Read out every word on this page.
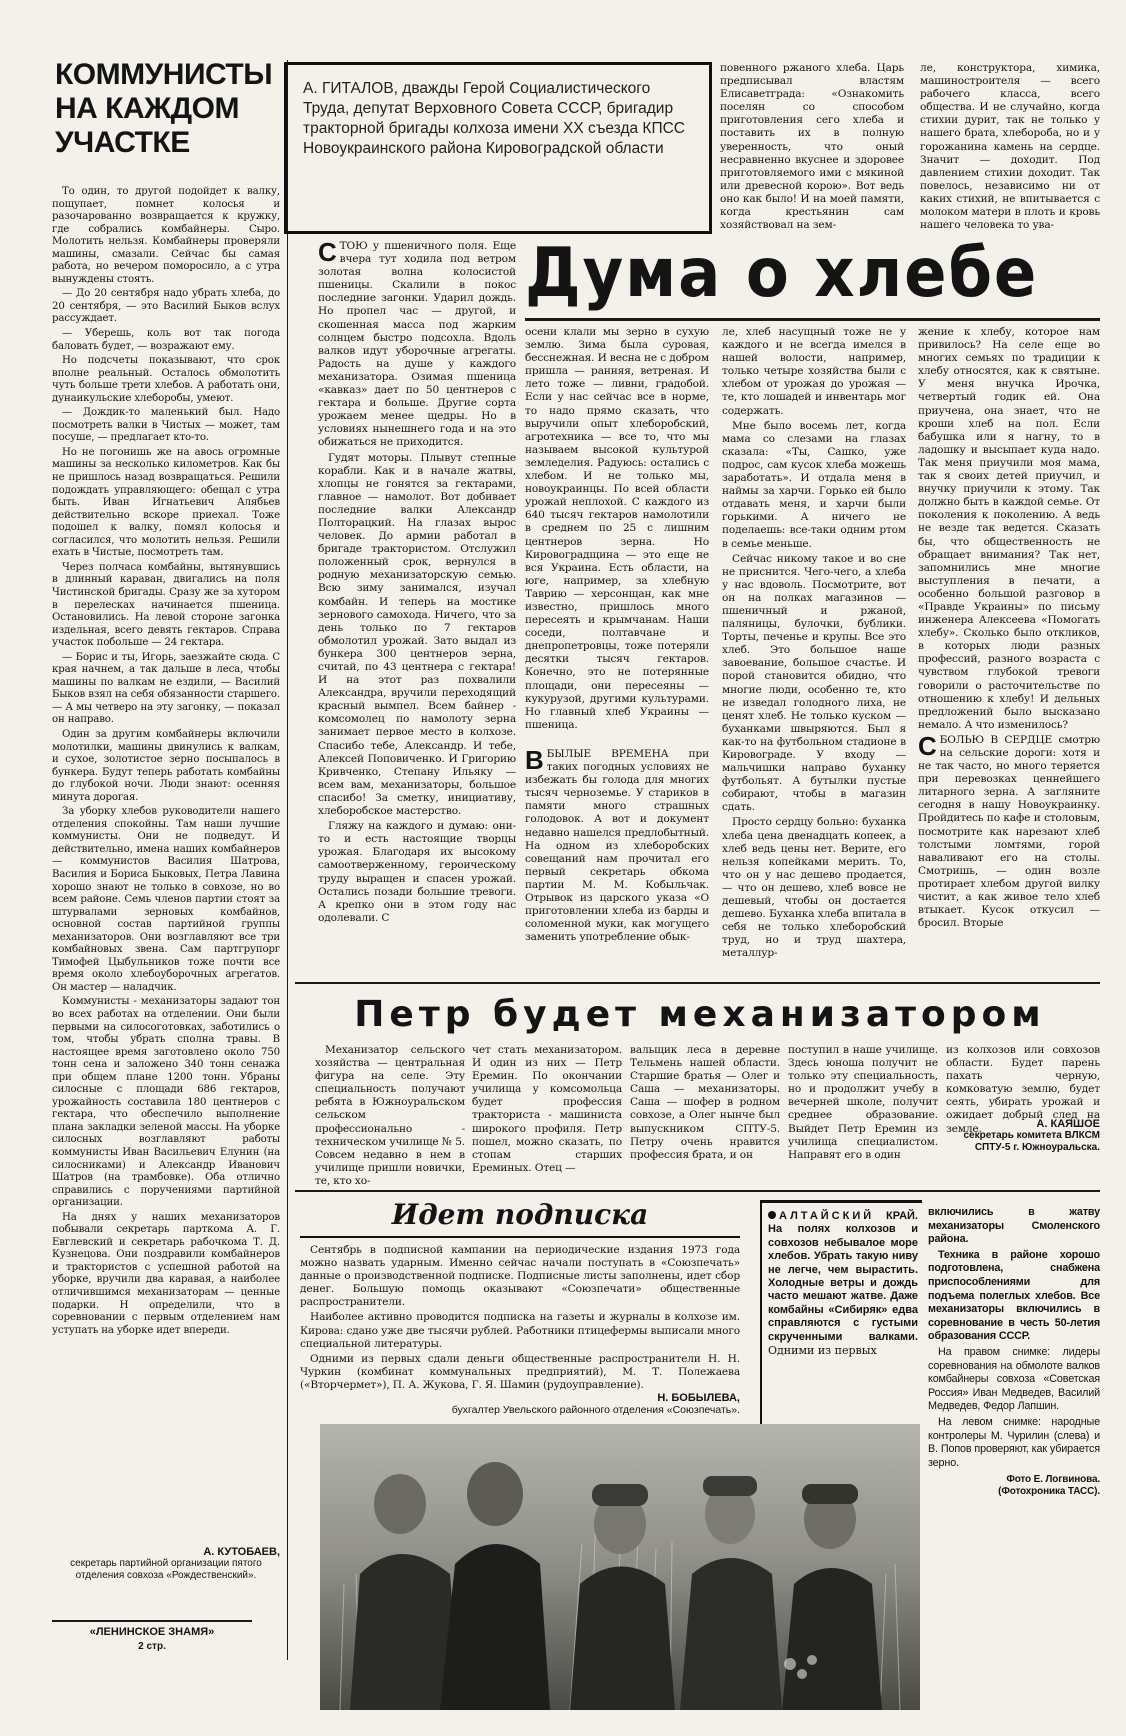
КОММУНИСТЫ
НА КАЖДОМ
УЧАСТКЕ

То один, то другой подойдет к валку, пощупает, помнет колосья и разочарованно возвращается к кружку, где собрались комбайнеры. Сыро. Молотить нельзя. Комбайнеры проверяли машины, смазали. Сейчас бы самая работа, но вечером поморосило, а с утра вынуждены стоять.

— До 20 сентября надо убрать хлеба, до 20 сентября, — это Василий Быков вслух рассуждает.

— Уберешь, коль вот так погода баловать будет, — возражают ему.

Но подсчеты показывают, что срок вполне реальный. Осталось обмолотить чуть больше трети хлебов. А работать они, дунаикульские хлеборобы, умеют.

— Дождик-то маленький был. Надо посмотреть валки в Чистых — может, там посуше, — предлагает кто-то.

Но не погонишь же на авось огромные машины за несколько километров. Как бы не пришлось назад возвращаться. Решили подождать управляющего: обещал с утра быть. Иван Игнатьевич Алябьев действительно вскоре приехал. Тоже подошел к валку, помял колосья и согласился, что молотить нельзя. Решили ехать в Чистые, посмотреть там.

Через полчаса комбайны, вытянувшись в длинный караван, двигались на поля Чистинской бригады. Сразу же за хутором в перелесках начинается пшеница. Остановились. На левой стороне загонка издельная, всего девять гектаров. Справа участок побольше — 24 гектара.

— Борис и ты, Игорь, заезжайте сюда. С края начнем, а так дальше в леса, чтобы машины по валкам не ездили, — Василий Быков взял на себя обязанности старшего. — А мы четверо на эту загонку, — показал он направо.

Один за другим комбайнеры включили молотилки, машины двинулись к валкам, и сухое, золотистое зерно посыпалось в бункера. Будут теперь работать комбайны до глубокой ночи. Люди знают: осенняя минута дорогая.

За уборку хлебов руководители нашего отделения спокойны. Там наши лучшие коммунисты. Они не подведут. И действительно, имена наших комбайнеров — коммунистов Василия Шатрова, Василия и Бориса Быковых, Петра Лавина хорошо знают не только в совхозе, но во всем районе. Семь членов партии стоят за штурвалами зерновых комбайнов, основной состав партийной группы механизаторов. Они возглавляют все три комбайновых звена. Сам партгрупорг Тимофей Цыбульников тоже почти все время около хлебоуборочных агрегатов. Он мастер — наладчик.

Коммунисты - механизаторы задают тон во всех работах на отделении. Они были первыми на силосоготовках, заботились о том, чтобы убрать сполна травы. В настоящее время заготовлено около 750 тонн сена и заложено 340 тонн сенажа при общем плане 1200 тонн. Убраны силосные с площади 686 гектаров, урожайность составила 180 центнеров с гектара, что обеспечило выполнение плана закладки зеленой массы. На уборке силосных возглавляют работы коммунисты Иван Васильевич Елунин (на силосниками) и Александр Иванович Шатров (на трамбовке). Оба отлично справились с поручениями партийной организации.

На днях у наших механизаторов побывали секретарь парткома А. Г. Евглевский и секретарь рабочкома Т. Д. Кузнецова. Они поздравили комбайнеров и трактористов с успешной работой на уборке, вручили два каравая, а наиболее отличившимся механизаторам — ценные подарки. Н определили, что в соревновании с первым отделением нам уступать на уборке идет впереди.

А. КУТОБАЕВ,
секретарь партийной организации пятого отделения совхоза «Рождественский».
«ЛЕНИНСКОЕ ЗНАМЯ»
2 стр.
А. ГИТАЛОВ, дважды Герой Социалистического Труда, депутат Верховного Совета СССР, бригадир тракторной бригады колхоза имени XX съезда КПСС Новоукраинского района Кировоградской области

повенного ржаного хлеба. Царь предписывал властям Елисаветграда: «Ознакомить поселян со способом приготовления сего хлеба и поставить их в полную уверенность, что оный несравненно вкуснее и здоровее приготовляемого ими с мякиной или древесной корою». Вот ведь оно как было! И на моей памяти, когда крестьянин сам хозяйствовал на зем-

ле, конструктора, химика, машиностроителя — всего рабочего класса, всего общества. И не случайно, когда стихии дурит, так не только у нашего брата, хлебороба, но и у горожанина камень на сердце. Значит — доходит. Под давлением стихии доходит. Так повелось, независимо ни от каких стихий, не впитывается с молоком матери в плоть и кровь нашего человека то ува-

СТОЮ у пшеничного поля. Еще вчера тут ходила под ветром золотая волна колосистой пшеницы. Скалили в покос последние загонки. Ударил дождь. Но пропел час — другой, и скошенная масса под жарким солнцем быстро подсохла. Вдоль валков идут уборочные агрегаты. Радость на душе у каждого механизатора. Озимая пшеница «кавказ» дает по 50 центнеров с гектара и больше. Другие сорта урожаем менее щедры. Но в условиях нынешнего года и на это обижаться не приходится.

Гудят моторы. Плывут степные корабли. Как и в начале жатвы, хлопцы не гонятся за гектарами, главное — намолот. Вот добивает последние валки Александр Полторацкий. На глазах вырос человек. До армии работал в бригаде трактористом. Отслужил положенный срок, вернулся в родную механизаторскую семью. Всю зиму занимался, изучал комбайн. И теперь на мостике зернового самохода. Ничего, что за день только по 7 гектаров обмолотил урожай. Зато выдал из бункера 300 центнеров зерна, считай, по 43 центнера с гектара! И на этот раз похвалили Александра, вручили переходящий красный вымпел. Всем байнер - комсомолец по намолоту зерна занимает первое место в колхозе. Спасибо тебе, Александр. И тебе, Алексей Поповиченко. И Григорию Кривченко, Степану Ильяку — всем вам, механизаторы, большое спасибо! За сметку, инициативу, хлеборобское мастерство.

Гляжу на каждого и думаю: они-то и есть настоящие творцы урожая. Благодаря их высокому самоотверженному, героическому труду выращен и спасен урожай. Остались позади большие тревоги. А крепко они в этом году нас одолевали. С

Дума о хлебе

осени клали мы зерно в сухую землю. Зима была суровая, бесснежная. И весна не с добром пришла — ранняя, ветреная. И лето тоже — ливни, градобой. Если у нас сейчас все в норме, то надо прямо сказать, что выручили опыт хлеборобский, агротехника — все то, что мы называем высокой культурой земледелия. Радуюсь: остались с хлебом. И не только мы, новоукраинцы. По всей области урожай неплохой. С каждого из 640 тысяч гектаров намолотили в среднем по 25 с лишним центнеров зерна. Но Кировоградщина — это еще не вся Украина. Есть области, на юге, например, за хлебную Таврию — херсонщан, как мне известно, пришлось много пересеять и крымчанам. Наши соседи, полтавчане и днепропетровцы, тоже потеряли десятки тысяч гектаров. Конечно, это не потерянные площади, они пересеяны — кукурузой, другими культурами. Но главный хлеб Украины — пшеница.

ВБЫЛЫЕ ВРЕМЕНА при таких погодных условиях не избежать бы голода для многих тысяч черноземье. У стариков в памяти много страшных голодовок. А вот и документ недавно нашелся предлобытный. На одном из хлеборобских совещаний нам прочитал его первый секретарь обкома партии М. М. Кобыльчак. Отрывок из царского указа «О приготовлении хлеба из барды и соломенной муки, как могущего заменить употребление обык-

ле, хлеб насущный тоже не у каждого и не всегда имелся в нашей волости, например, только четыре хозяйства были с хлебом от урожая до урожая — те, кто лошадей и инвентарь мог содержать.

Мне было восемь лет, когда мама со слезами на глазах сказала: «Ты, Сашко, уже подрос, сам кусок хлеба можешь заработать». И отдала меня в наймы за харчи. Горько ей было отдавать меня, и харчи были горькими. А ничего не поделаешь: все-таки одним ртом в семье меньше.

Сейчас никому такое и во сне не приснится. Чего-чего, а хлеба у нас вдоволь. Посмотрите, вот он на полках магазинов — пшеничный и ржаной, паляницы, булочки, бублики. Торты, печенье и крупы. Все это хлеб. Это большое наше завоевание, большое счастье. И порой становится обидно, что многие люди, особенно те, кто не изведал голодного лиха, не ценят хлеб. Не только куском — буханками швыряются. Был я как-то на футбольном стадионе в Кировограде. У входу — мальчишки направо буханку футбольят. А бутылки пустые собирают, чтобы в магазин сдать.

Просто сердцу больно: буханка хлеба цена двенадцать копеек, а хлеб ведь цены нет. Верите, его нельзя копейками мерить. То, что он у нас дешево продается, — что он дешево, хлеб вовсе не дешевый, чтобы он достается дешево. Буханка хлеба впитала в себя не только хлеборобский труд, но и труд шахтера, металлур-

жение к хлебу, которое нам привилось? На селе еще во многих семьях по традиции к хлебу относятся, как к святыне. У меня внучка Ирочка, четвертый годик ей. Она приучена, она знает, что не кроши хлеб на пол. Если бабушка или я нагну, то в ладошку и высыпает куда надо. Так меня приучили моя мама, так я своих детей приучил, и внучку приучили к этому. Так должно быть в каждой семье. От поколения к поколению. А ведь не везде так ведется. Сказать бы, что общественность не обращает внимания? Так нет, запомнились мне многие выступления в печати, а особенно большой разговор в «Правде Украины» по письму инженера Алексеева «Помогать хлебу». Сколько было откликов, в которых люди разных профессий, разного возраста с чувством глубокой тревоги говорили о расточительстве по отношению к хлебу! И дельных предложений было высказано немало. А что изменилось?

СБОЛЬЮ В СЕРДЦЕ смотрю на сельские дороги: хотя и не так часто, но много теряется при перевозках ценнейшего литарного зерна. А загляните сегодня в нашу Новоукраинку. Пройдитесь по кафе и столовым, посмотрите как нарезают хлеб толстыми ломтями, горой наваливают его на столы. Смотришь, — один возле протирает хлебом другой вилку чистит, а как живое тело хлеб втыкает. Кусок откусил — бросил. Вторые

Петр будет механизатором

Механизатор сельского хозяйства — центральная фигура на селе. Эту специальность получают ребята в Южноуральском сельском профессионально - техническом училище № 5. Совсем недавно в нем в училище пришли новички, те, кто хо-

чет стать механизатором. И один из них — Петр Еремин. По окончании училища у комсомольца будет профессия тракториста - машиниста широкого профиля. Петр пошел, можно сказать, по стопам старших Ереминых. Отец —

вальщик леса в деревне Тельмень нашей области. Старшие братья — Олег и Саша — механизаторы. Саша — шофер в родном совхозе, а Олег нынче был выпускником СПТУ-5. Петру очень нравится профессия брата, и он

поступил в наше училище. Здесь юноша получит не только эту специальность, но и продолжит учебу в вечерней школе, получит среднее образование. Выйдет Петр Еремин из училища специалистом. Направят его в один

из колхозов или совхозов области. Будет парень пахать черную, комковатую землю, будет сеять, убирать урожай и ожидает добрый след на земле.	А. КАЯШОЕ
секретарь комитета ВЛКСМ СПТУ-5 г. Южноуральска.
Идет подписка

Сентябрь в подписной кампании на периодические издания 1973 года можно назвать ударным. Именно сейчас начали поступать в «Союзпечать» данные о производственной подписке. Подписные листы заполнены, идет сбор денег. Большую помощь оказывают «Союзпечати» общественные распространители.

Наиболее активно проводится подписка на газеты и журналы в колхозе им. Кирова: сдано уже две тысячи рублей. Работники птицефермы выписали много специальной литературы.

Одними из первых сдали деньги общественные распространители Н. Н. Чуркин (комбинат коммунальных предприятий), М. Т. Полежаева («Вторчермет»), П. А. Жукова, Г. Я. Шамин (рудоуправление).

Н. БОБЫЛЕВА,
бухгалтер Увельского районного отделения «Союзпечать».
АЛТАЙСКИЙ КРАЙ. На полях колхозов и совхозов небывалое море хлебов. Убрать такую ниву не легче, чем вырастить. Холодные ветры и дождь часто мешают жатве. Даже комбайны «Сибиряк» едва справляются с густыми скрученными валками. Одними из первых

включились в жатву механизаторы Смоленского района.

Техника в районе хорошо подготовлена, снабжена приспособлениями для подъема полеглых хлебов. Все механизаторы включились в соревнование в честь 50-летия образования СССР.

На правом снимке: лидеры соревнования на обмолоте валков комбайнеры совхоза «Советская Россия» Иван Медведев, Василий Медведев, Федор Лапшин.

На левом снимке: народные контролеры М. Чурилин (слева) и В. Попов проверяют, как убирается зерно.

Фото Е. Логвинова.
(Фотохроника ТАСС).
